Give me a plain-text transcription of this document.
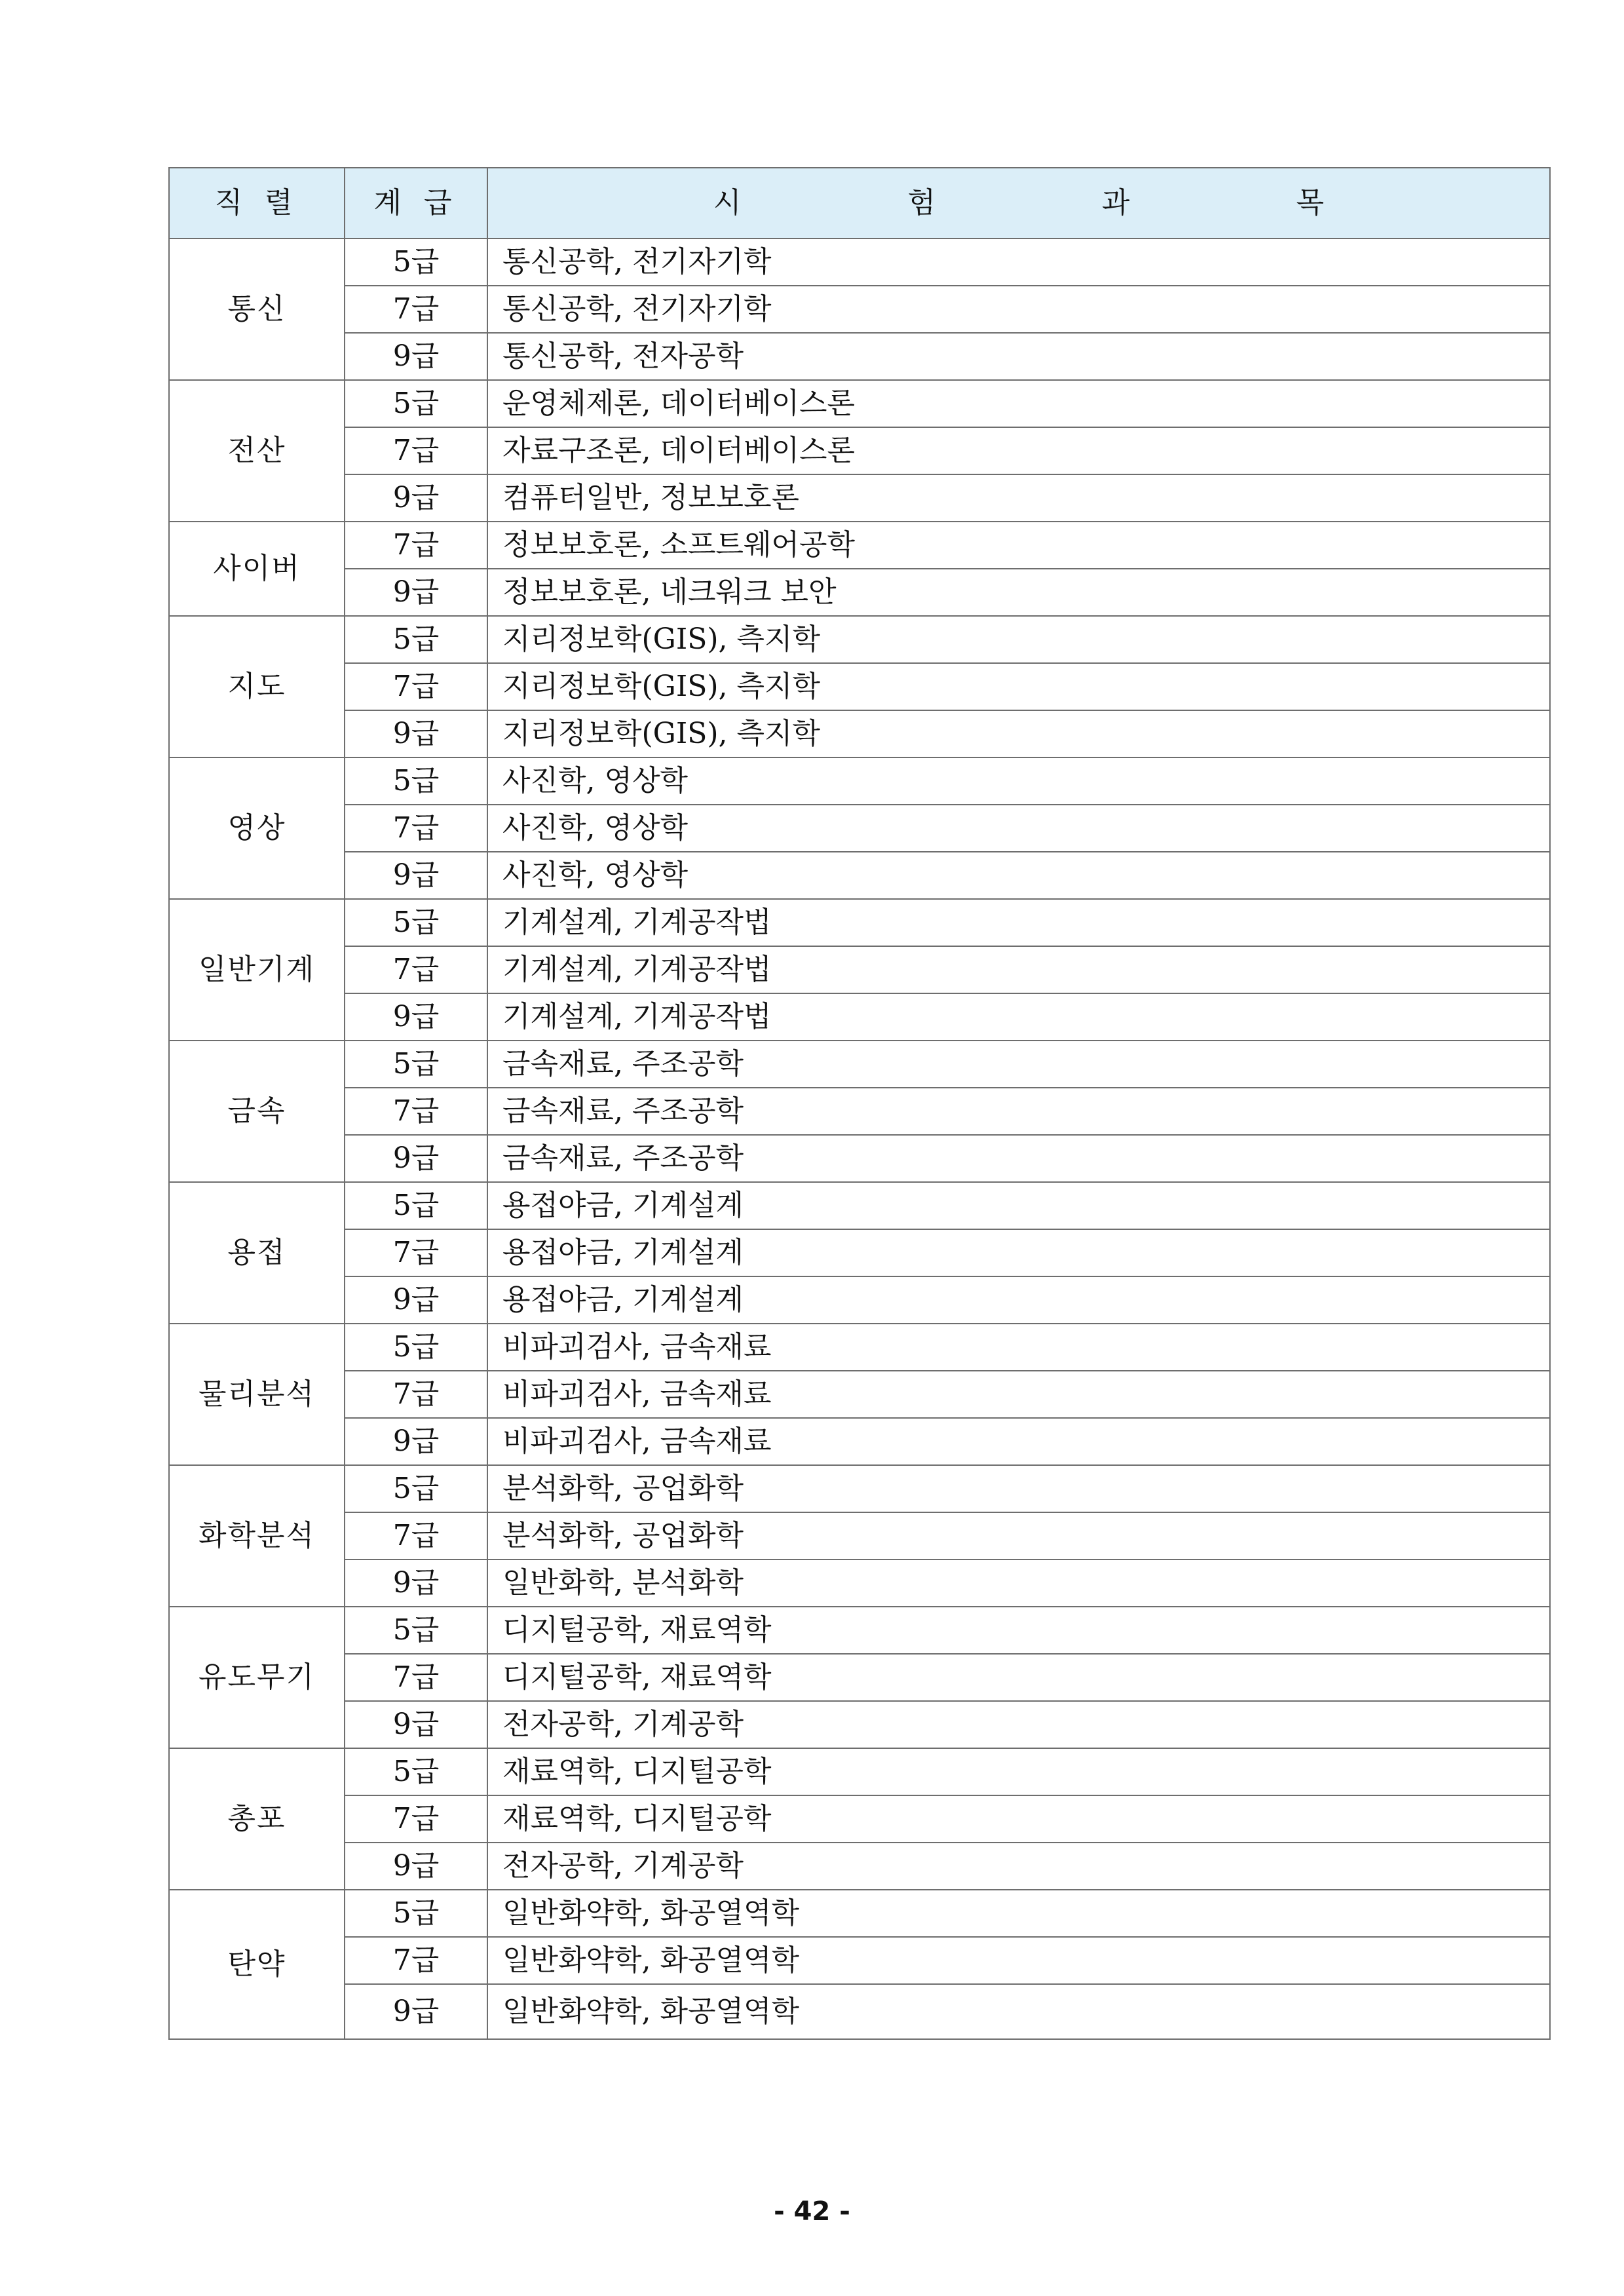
직 렬	계 급	시 험 과 목
통신	5급	통신공학, 전기자기학
	7급	통신공학, 전기자기학
	9급	통신공학, 전자공학
전산	5급	운영체제론, 데이터베이스론
	7급	자료구조론, 데이터베이스론
	9급	컴퓨터일반, 정보보호론
사이버	7급	정보보호론, 소프트웨어공학
	9급	정보보호론, 네크워크 보안
지도	5급	지리정보학(GIS), 측지학
	7급	지리정보학(GIS), 측지학
	9급	지리정보학(GIS), 측지학
영상	5급	사진학, 영상학
	7급	사진학, 영상학
	9급	사진학, 영상학
일반기계	5급	기계설계, 기계공작법
	7급	기계설계, 기계공작법
	9급	기계설계, 기계공작법
금속	5급	금속재료, 주조공학
	7급	금속재료, 주조공학
	9급	금속재료, 주조공학
용접	5급	용접야금, 기계설계
	7급	용접야금, 기계설계
	9급	용접야금, 기계설계
물리분석	5급	비파괴검사, 금속재료
	7급	비파괴검사, 금속재료
	9급	비파괴검사, 금속재료
화학분석	5급	분석화학, 공업화학
	7급	분석화학, 공업화학
	9급	일반화학, 분석화학
유도무기	5급	디지털공학, 재료역학
	7급	디지털공학, 재료역학
	9급	전자공학, 기계공학
총포	5급	재료역학, 디지털공학
	7급	재료역학, 디지털공학
	9급	전자공학, 기계공학
탄약	5급	일반화약학, 화공열역학
	7급	일반화약학, 화공열역학
	9급	일반화약학, 화공열역학
- 42 -
